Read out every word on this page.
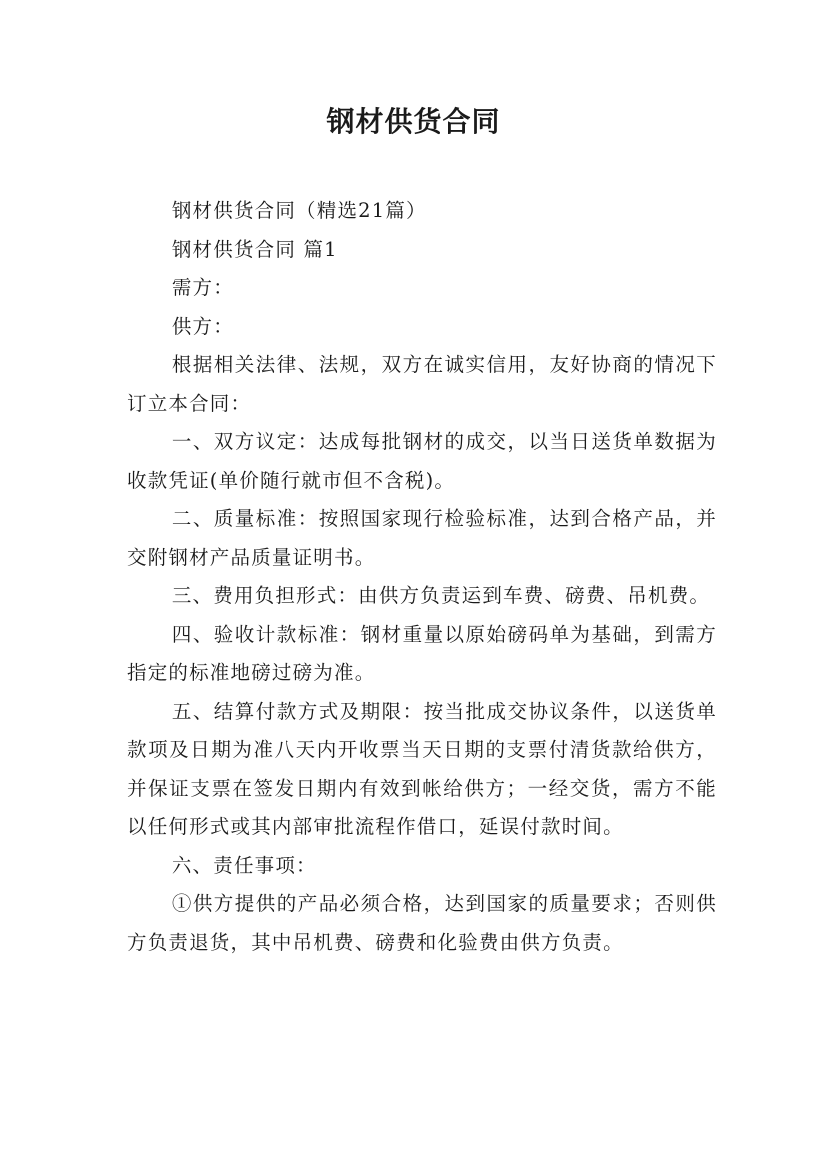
钢材供货合同

钢材供货合同（精选21篇）

钢材供货合同 篇1

需方：

供方：

根据相关法律、法规，双方在诚实信用，友好协商的情况下订立本合同：

一、双方议定：达成每批钢材的成交，以当日送货单数据为收款凭证(单价随行就市但不含税)。

二、质量标准：按照国家现行检验标准，达到合格产品，并交附钢材产品质量证明书。

三、费用负担形式：由供方负责运到车费、磅费、吊机费。

四、验收计款标准：钢材重量以原始磅码单为基础，到需方指定的标准地磅过磅为准。

五、结算付款方式及期限：按当批成交协议条件，以送货单款项及日期为准八天内开收票当天日期的支票付清货款给供方，并保证支票在签发日期内有效到帐给供方；一经交货，需方不能以任何形式或其内部审批流程作借口，延误付款时间。

六、责任事项：

①供方提供的产品必须合格，达到国家的质量要求；否则供方负责退货，其中吊机费、磅费和化验费由供方负责。
